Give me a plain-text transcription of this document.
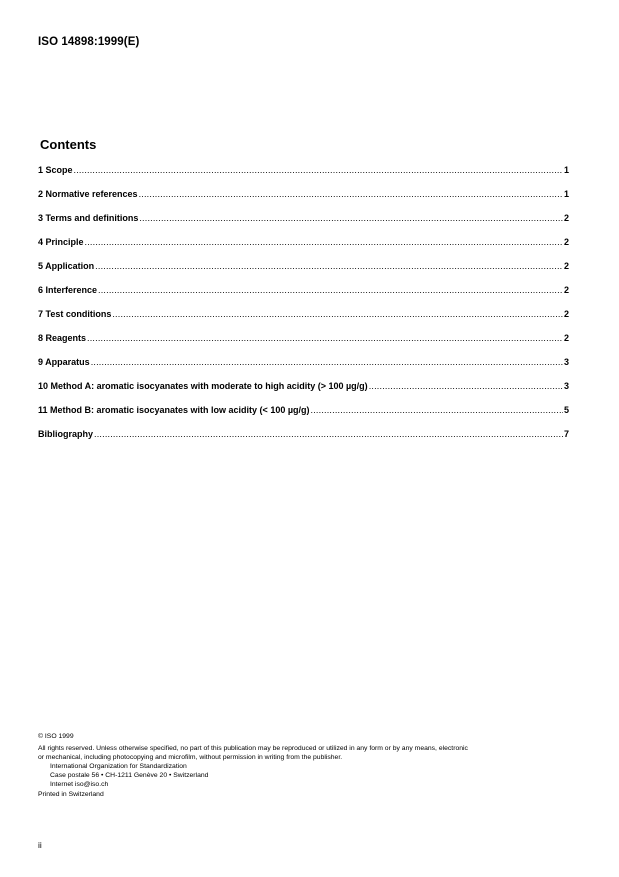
ISO 14898:1999(E)
Contents
1 Scope .....	1
2 Normative references .....	1
3 Terms and definitions .....	2
4 Principle .....	2
5 Application .....	2
6 Interference .....	2
7 Test conditions .....	2
8 Reagents .....	2
9 Apparatus .....	3
10 Method A: aromatic isocyanates with moderate to high acidity (> 100 µg/g) .....	3
11 Method B: aromatic isocyanates with low acidity (< 100 µg/g) .....	5
Bibliography .....	7
© ISO 1999
All rights reserved. Unless otherwise specified, no part of this publication may be reproduced or utilized in any form or by any means, electronic
or mechanical, including photocopying and microfilm, without permission in writing from the publisher.
International Organization for Standardization
Case postale 56 • CH-1211 Genève 20 • Switzerland
Internet iso@iso.ch
Printed in Switzerland
ii
